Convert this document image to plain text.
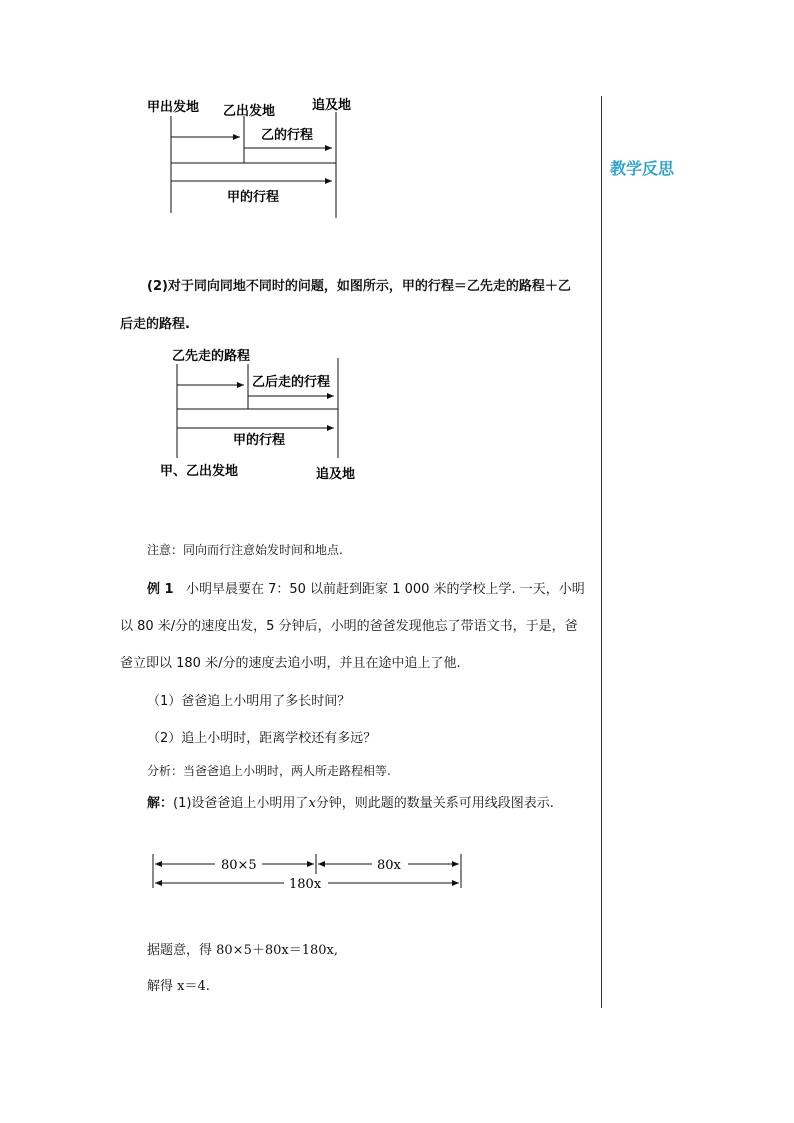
甲出发地 乙出发地	追及地
乙的行程
甲的行程
教学反思
(2)对于同向同地不同时的问题，如图所示，甲的行程＝乙先走的路程＋乙
后走的路程.
乙先走的路程
乙后走的行程
甲的行程
甲、乙出发地	追及地
注意：同向而行注意始发时间和地点.
例 1 小明早晨要在 7：50 以前赶到距家 1 000 米的学校上学. 一天，小明
以 80 米/分的速度出发，5 分钟后，小明的爸爸发现他忘了带语文书，于是，爸
爸立即以 180 米/分的速度去追小明，并且在途中追上了他.
（1）爸爸追上小明用了多长时间？
（2）追上小明时，距离学校还有多远？
分析：当爸爸追上小明时，两人所走路程相等.
解：(1)设爸爸追上小明用了x分钟，则此题的数量关系可用线段图表示.
80×5	80x
180x
据题意，得 80×5＋80x＝180x,
解得 x＝4.
